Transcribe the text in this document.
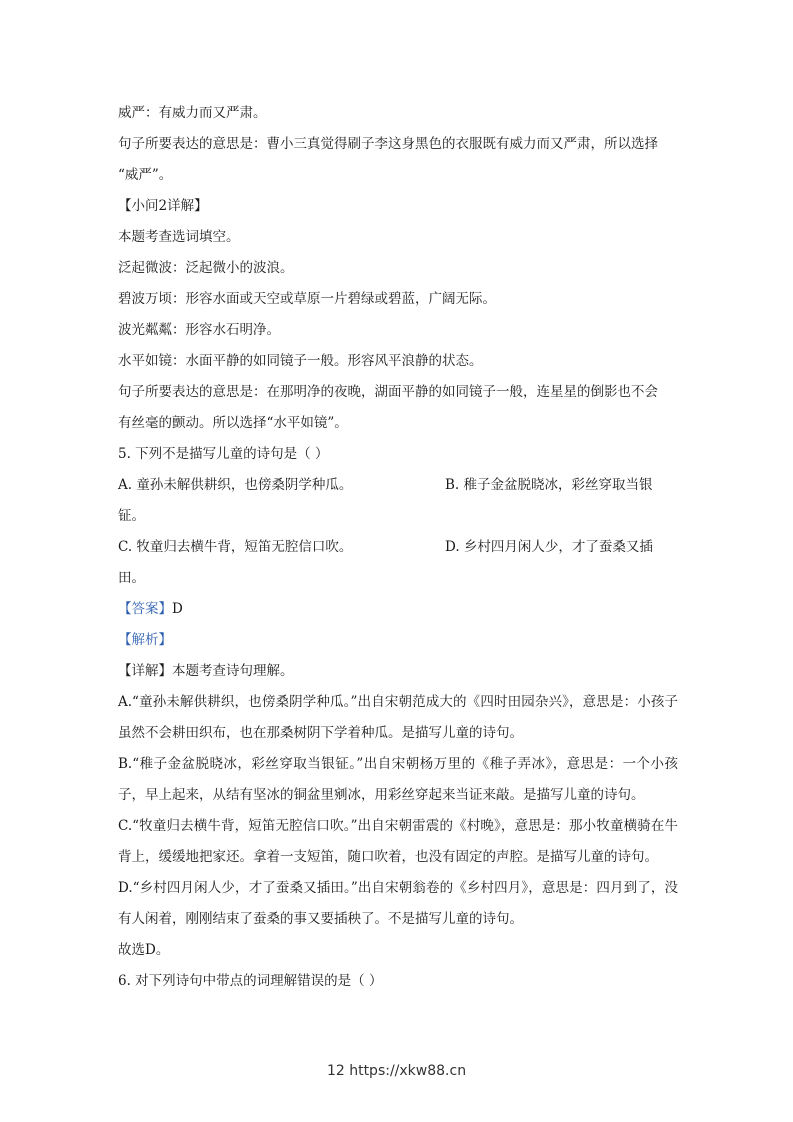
威严：有威力而又严肃。
句子所要表达的意思是：曹小三真觉得刷子李这身黑色的衣服既有威力而又严肃，所以选择
“威严”。
【小问2详解】
本题考查选词填空。
泛起微波：泛起微小的波浪。
碧波万顷：形容水面或天空或草原一片碧绿或碧蓝，广阔无际。
波光粼粼：形容水石明净。
水平如镜：水面平静的如同镜子一般。形容风平浪静的状态。
句子所要表达的意思是：在那明净的夜晚，湖面平静的如同镜子一般，连星星的倒影也不会
有丝毫的颤动。所以选择“水平如镜”。
5. 下列不是描写儿童的诗句是（ ）
A. 童孙未解供耕织，也傍桑阴学种瓜。	B. 稚子金盆脱晓冰，彩丝穿取当银
钲。
C. 牧童归去横牛背，短笛无腔信口吹。	D. 乡村四月闲人少，才了蚕桑又插
田。
【答案】D
【解析】
【详解】本题考查诗句理解。
A.“童孙未解供耕织，也傍桑阴学种瓜。”出自宋朝范成大的《四时田园杂兴》，意思是：小孩子虽然不会耕田织布，也在那桑树阴下学着种瓜。是描写儿童的诗句。
B.“稚子金盆脱晓冰，彩丝穿取当银钲。”出自宋朝杨万里的《稚子弄冰》，意思是：一个小孩子，早上起来，从结有坚冰的铜盆里剜冰，用彩丝穿起来当证来敲。是描写儿童的诗句。
C.“牧童归去横牛背，短笛无腔信口吹。”出自宋朝雷震的《村晚》，意思是：那小牧童横骑在牛背上，缓缓地把家还。拿着一支短笛，随口吹着，也没有固定的声腔。是描写儿童的诗句。
D.“乡村四月闲人少，才了蚕桑又插田。”出自宋朝翁卷的《乡村四月》，意思是：四月到了，没有人闲着，刚刚结束了蚕桑的事又要插秧了。不是描写儿童的诗句。
故选D。
6. 对下列诗句中带点的词理解错误的是（ ）
12 https://xkw88.cn
